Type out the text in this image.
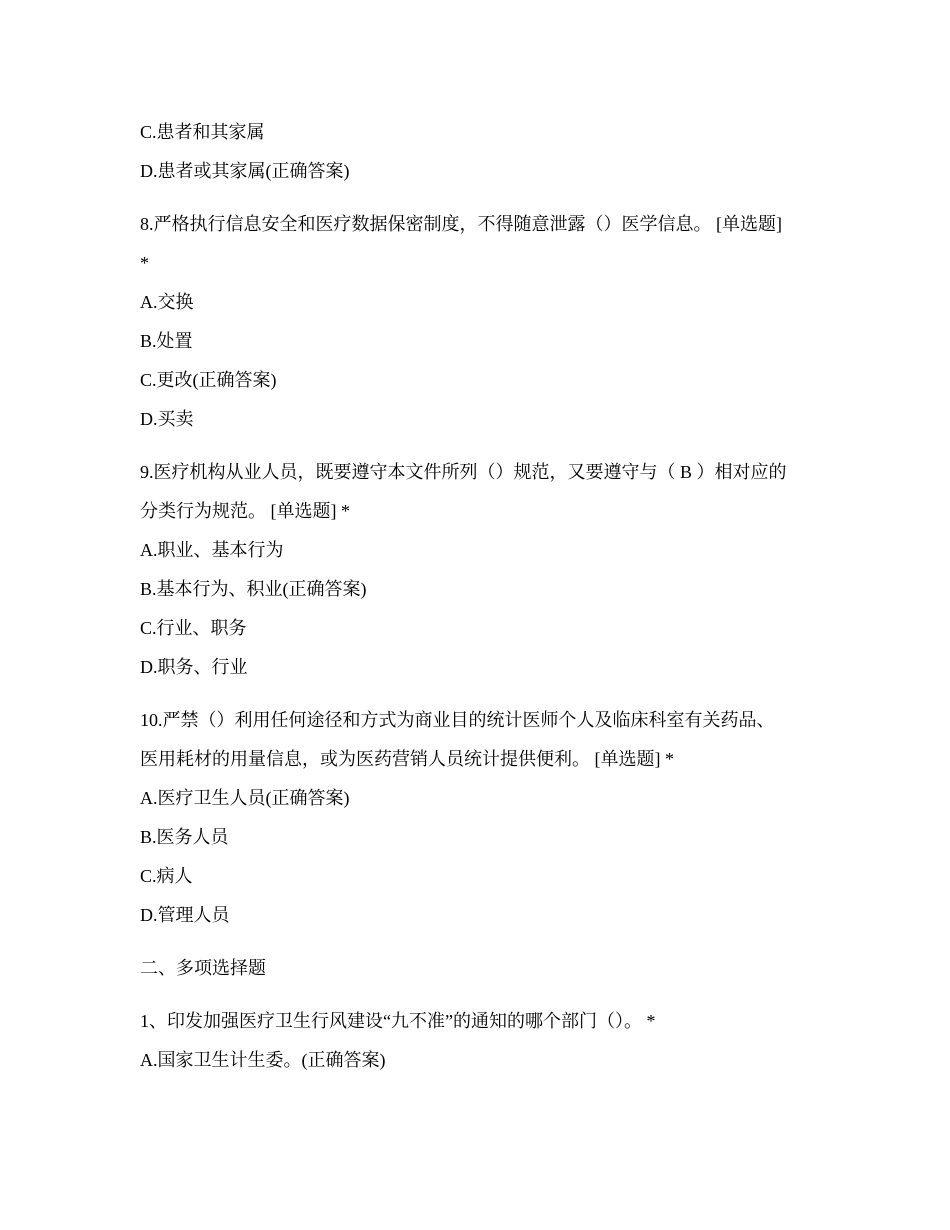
C.患者和其家属
D.患者或其家属(正确答案)
8.严格执行信息安全和医疗数据保密制度，不得随意泄露（）医学信息。 [单选题]
*
A.交换
B.处置
C.更改(正确答案)
D.买卖
9.医疗机构从业人员，既要遵守本文件所列（）规范，又要遵守与（ B ）相对应的
分类行为规范。 [单选题] *
A.职业、基本行为
B.基本行为、积业(正确答案)
C.行业、职务
D.职务、行业
10.严禁（）利用任何途径和方式为商业目的统计医师个人及临床科室有关药品、
医用耗材的用量信息，或为医药营销人员统计提供便利。 [单选题] *
A.医疗卫生人员(正确答案)
B.医务人员
C.病人
D.管理人员
二、多项选择题
1、印发加强医疗卫生行风建设“九不准”的通知的哪个部门（）。 *
A.国家卫生计生委。(正确答案)
